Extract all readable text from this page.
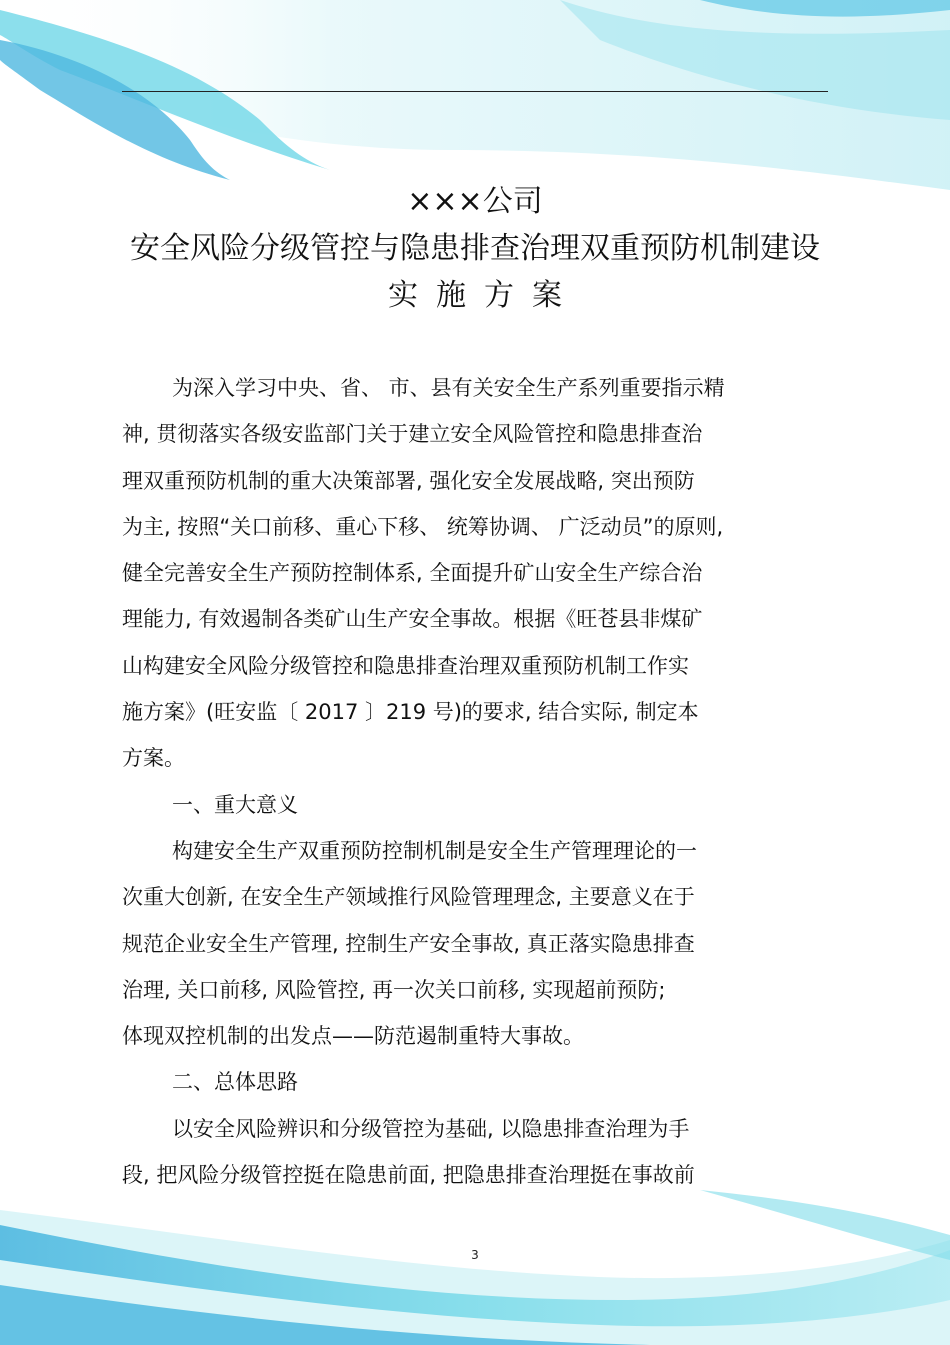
×××公司
安全风险分级管控与隐患排查治理双重预防机制建设
实施方案
为深入学习中央、省、 市、县有关安全生产系列重要指示精
神, 贯彻落实各级安监部门关于建立安全风险管控和隐患排查治
理双重预防机制的重大决策部署, 强化安全发展战略, 突出预防
为主, 按照“关口前移、重心下移、 统筹协调、 广泛动员”的原则,
健全完善安全生产预防控制体系, 全面提升矿山安全生产综合治
理能力, 有效遏制各类矿山生产安全事故。根据《旺苍县非煤矿
山构建安全风险分级管控和隐患排查治理双重预防机制工作实
施方案》(旺安监〔 2017 〕219 号)的要求, 结合实际, 制定本
方案。
一、重大意义
构建安全生产双重预防控制机制是安全生产管理理论的一
次重大创新, 在安全生产领域推行风险管理理念, 主要意义在于
规范企业安全生产管理, 控制生产安全事故, 真正落实隐患排查
治理, 关口前移, 风险管控, 再一次关口前移, 实现超前预防;
体现双控机制的出发点——防范遏制重特大事故。
二、总体思路
以安全风险辨识和分级管控为基础, 以隐患排查治理为手
段, 把风险分级管控挺在隐患前面, 把隐患排查治理挺在事故前
3
